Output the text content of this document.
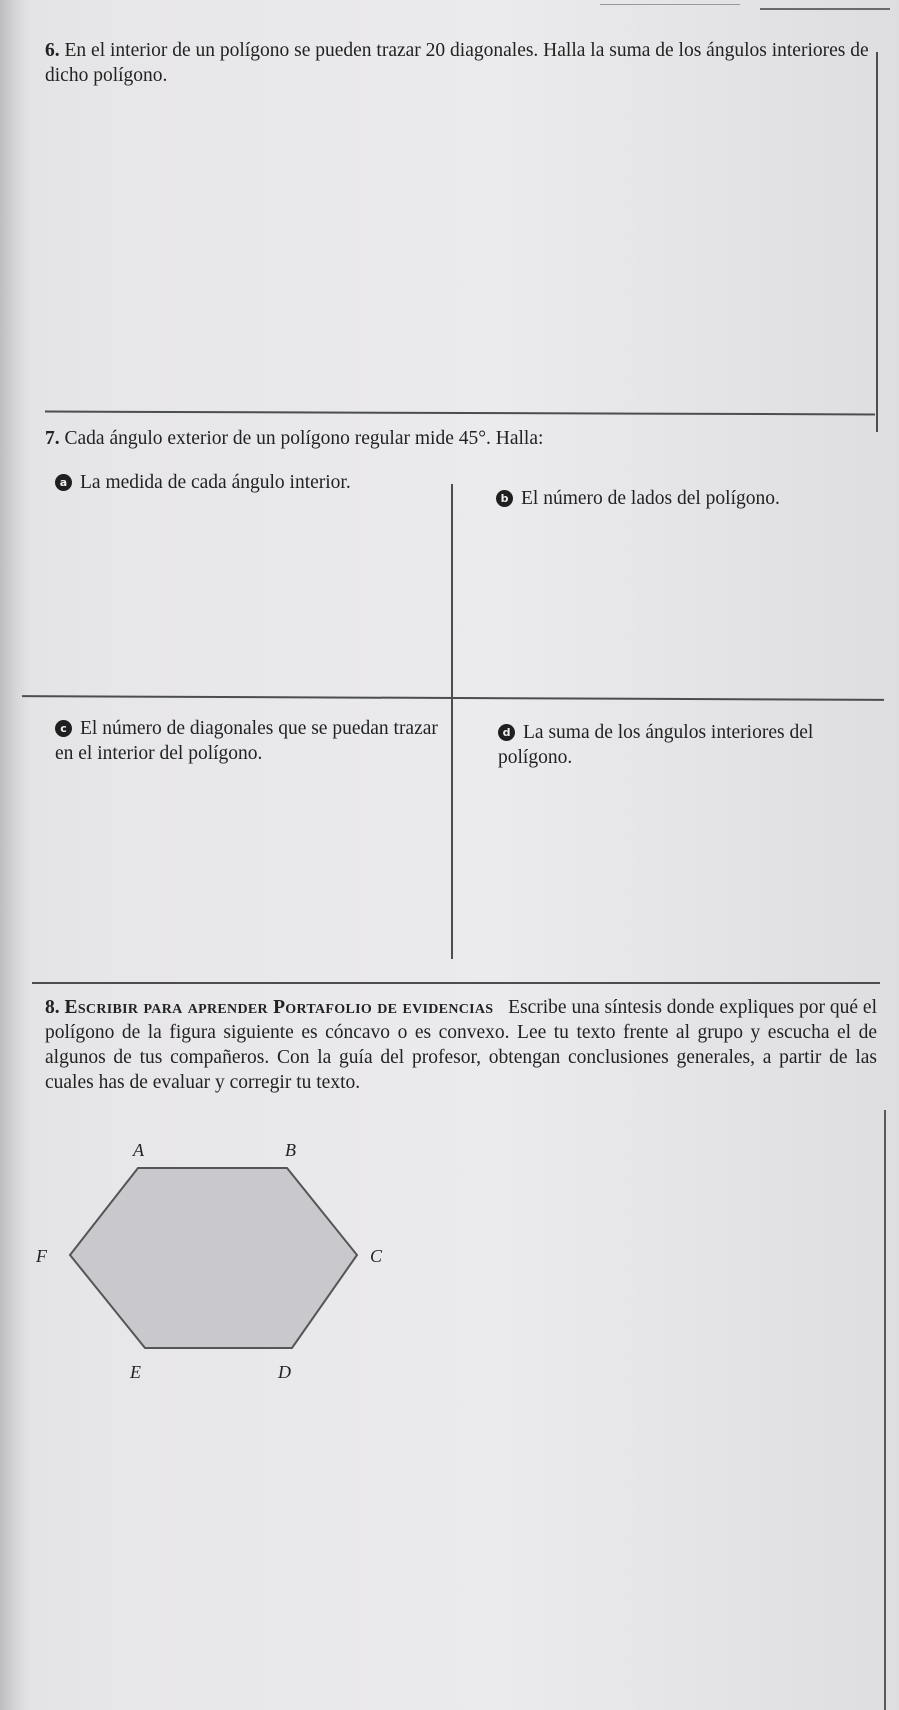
6. En el interior de un polígono se pueden trazar 20 diagonales. Halla la suma de los ángulos interiores de dicho polígono.

7. Cada ángulo exterior de un polígono regular mide 45°. Halla:

a La medida de cada ángulo interior.
b El número de lados del polígono.
c El número de diagonales que se puedan trazar en el interior del polígono.
d La suma de los ángulos interiores del polígono.

8. Escribir para aprender Portafolio de evidencias Escribe una síntesis donde expliques por qué el polígono de la figura siguiente es cóncavo o es convexo. Lee tu texto frente al grupo y escucha el de algunos de tus compañeros. Con la guía del profesor, obtengan conclusiones generales, a partir de las cuales has de evaluar y corregir tu texto.

A	B
C
D
E
F
